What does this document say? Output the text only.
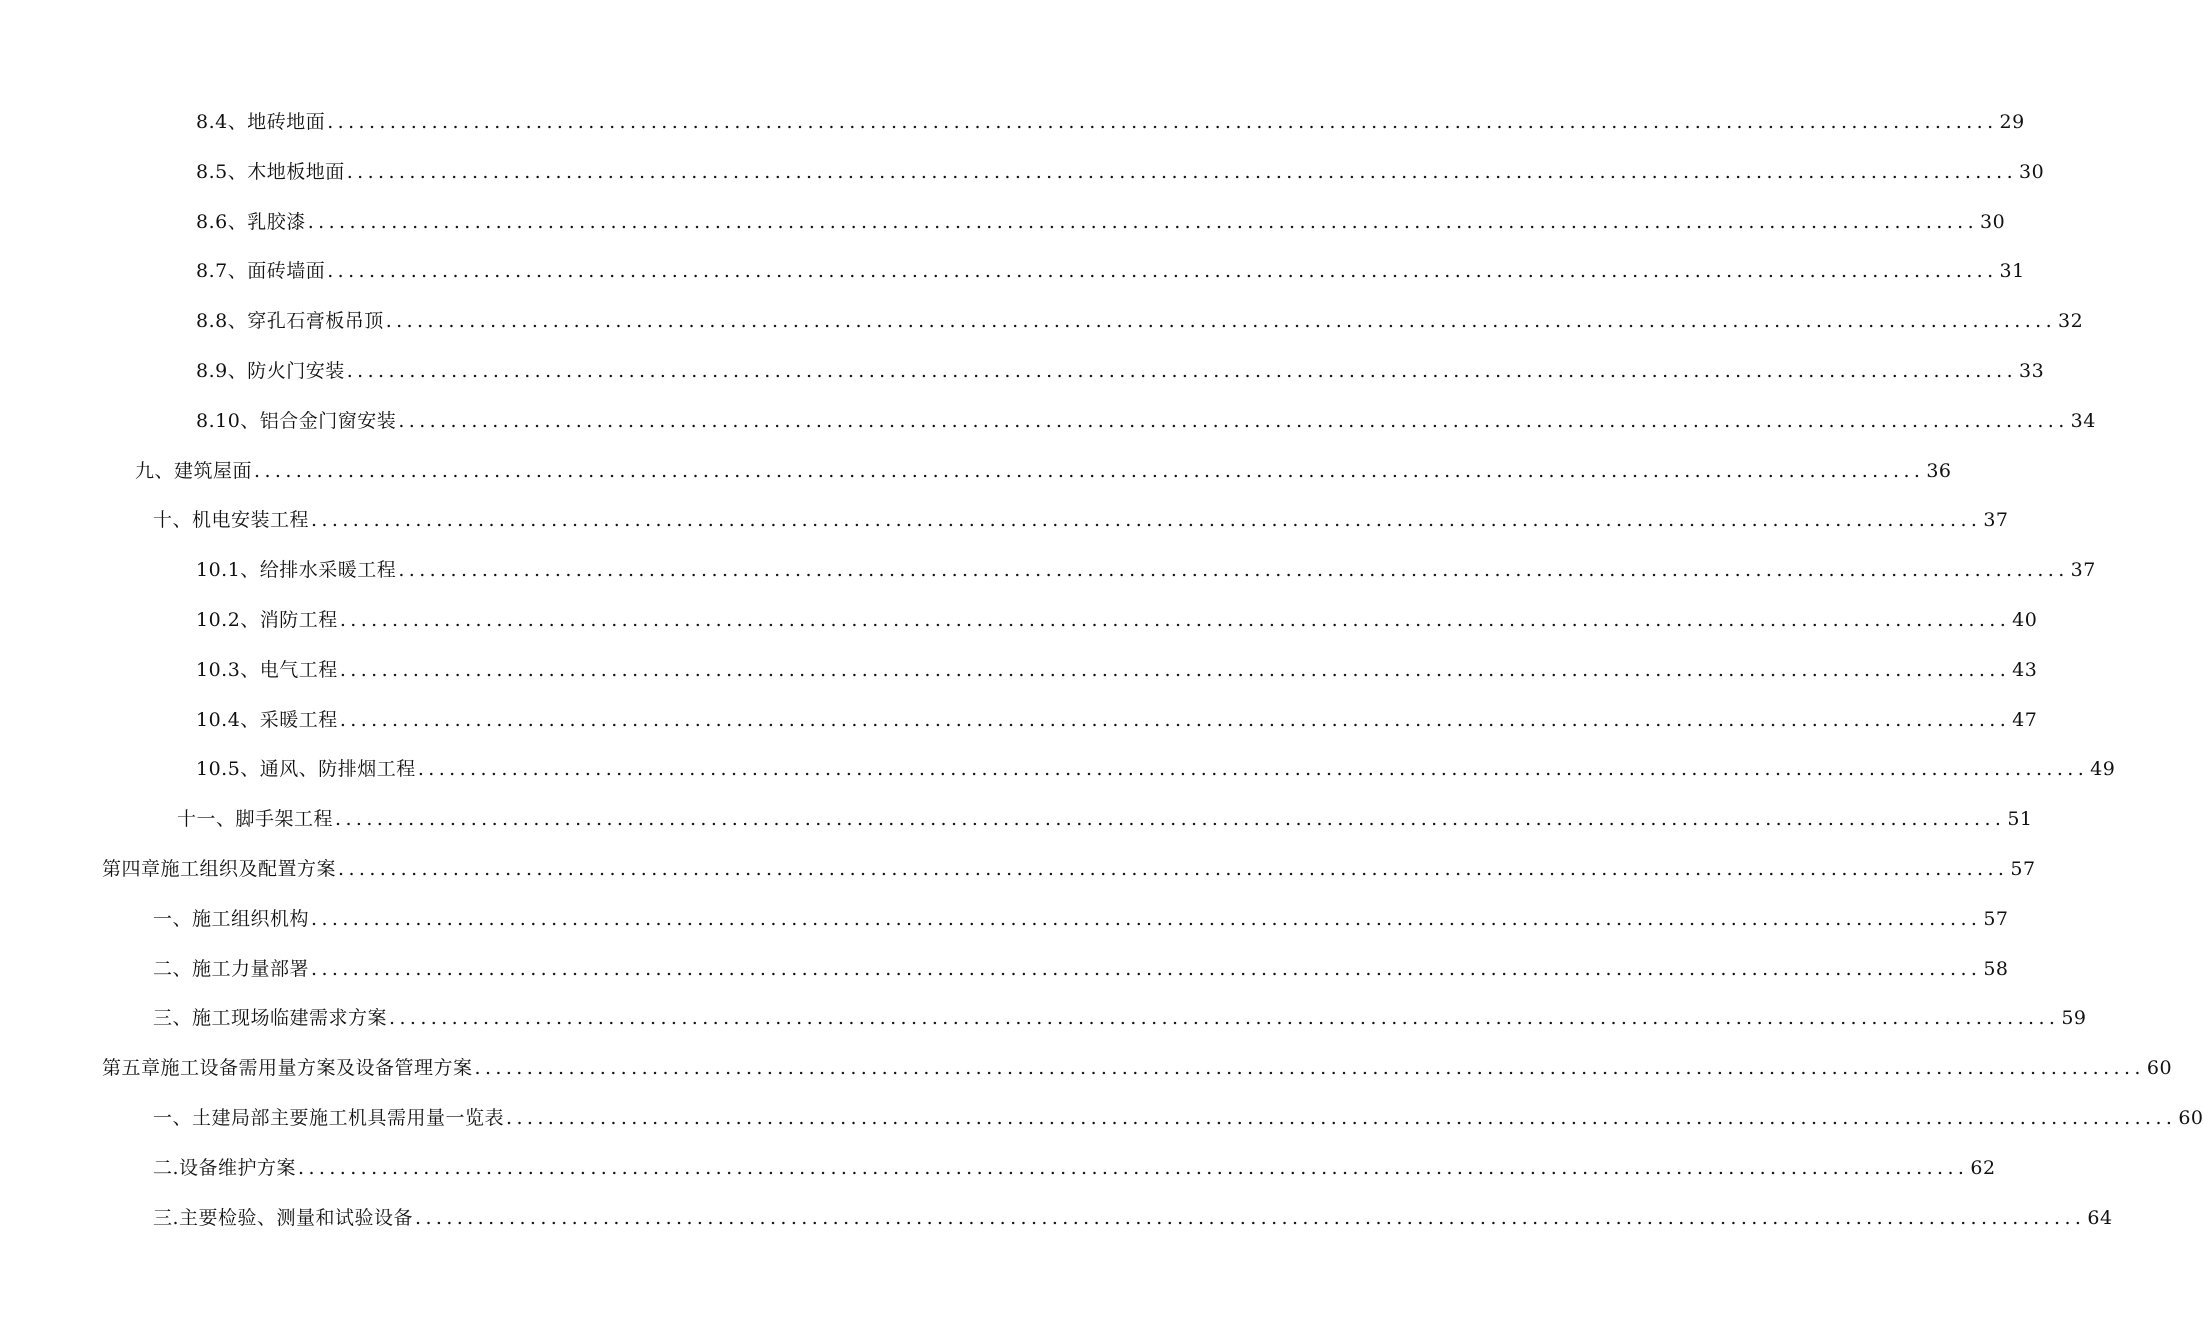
8.4、地砖地面 ................................................................................................................................................................ 29
8.5、木地板地面 ................................................................................................................................................................ 30
8.6、乳胶漆 ................................................................................................................................................................ 30
8.7、面砖墙面 ................................................................................................................................................................ 31
8.8、穿孔石膏板吊顶 ................................................................................................................................................................ 32
8.9、防火门安装 ................................................................................................................................................................ 33
8.10、铝合金门窗安装 ................................................................................................................................................................ 34
九、建筑屋面 ................................................................................................................................................................ 36
十、机电安装工程 ................................................................................................................................................................ 37
10.1、给排水采暖工程 ................................................................................................................................................................ 37
10.2、消防工程 ................................................................................................................................................................ 40
10.3、电气工程 ................................................................................................................................................................ 43
10.4、采暖工程 ................................................................................................................................................................ 47
10.5、通风、防排烟工程 ................................................................................................................................................................ 49
十一、脚手架工程 ................................................................................................................................................................ 51
第四章 施工组织及配置方案 ................................................................................................................................................................ 57
一、施工组织机构 ................................................................................................................................................................ 57
二、施工力量部署 ................................................................................................................................................................ 58
三、施工现场临建需求方案 ................................................................................................................................................................ 59
第五章 施工设备需用量方案及设备管理方案 ................................................................................................................................................................ 60
一、土建局部主要施工机具需用量一览表 ................................................................................................................................................................ 60
二.设备维护方案 ................................................................................................................................................................ 62
三.主要检验、测量和试验设备 ................................................................................................................................................................ 64
